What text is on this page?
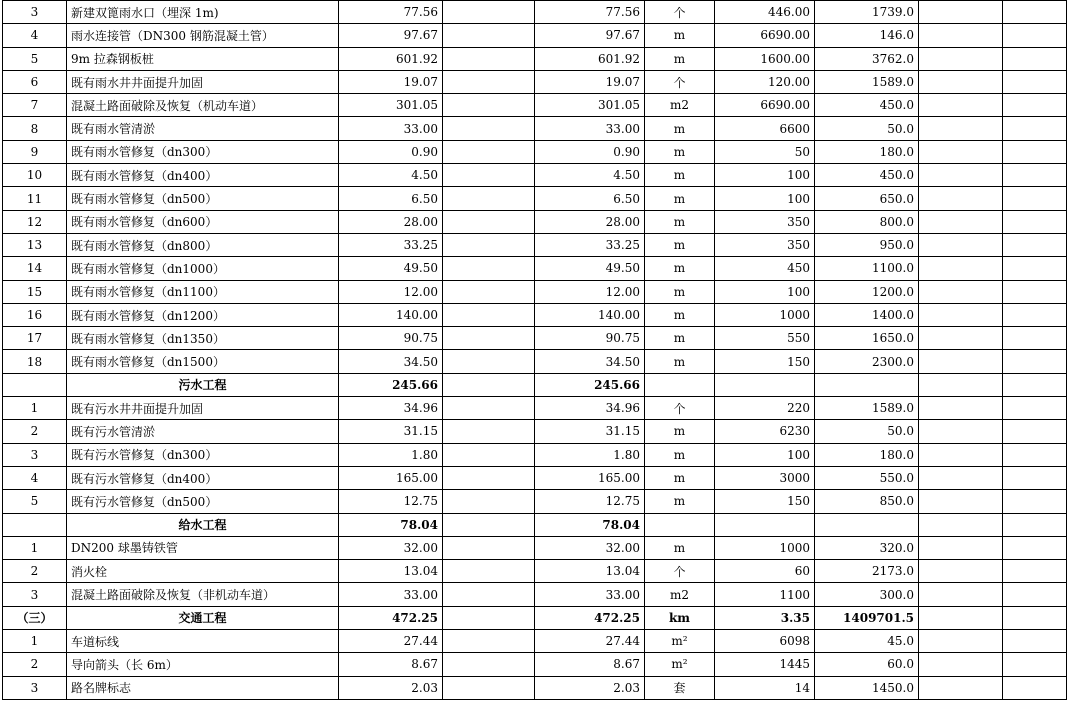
3	新建双篦雨水口（埋深 1m)	77.56		77.56	个	446.00	1739.0		
4	雨水连接管（DN300 钢筋混凝土管）	97.67		97.67	m	6690.00	146.0		
5	9m 拉森钢板桩	601.92		601.92	m	1600.00	3762.0		
6	既有雨水井井面提升加固	19.07		19.07	个	120.00	1589.0		
7	混凝土路面破除及恢复（机动车道）	301.05		301.05	m2	6690.00	450.0		
8	既有雨水管清淤	33.00		33.00	m	6600	50.0		
9	既有雨水管修复（dn300）	0.90		0.90	m	50	180.0		
10	既有雨水管修复（dn400）	4.50		4.50	m	100	450.0		
11	既有雨水管修复（dn500）	6.50		6.50	m	100	650.0		
12	既有雨水管修复（dn600）	28.00		28.00	m	350	800.0		
13	既有雨水管修复（dn800）	33.25		33.25	m	350	950.0		
14	既有雨水管修复（dn1000）	49.50		49.50	m	450	1100.0		
15	既有雨水管修复（dn1100）	12.00		12.00	m	100	1200.0		
16	既有雨水管修复（dn1200）	140.00		140.00	m	1000	1400.0		
17	既有雨水管修复（dn1350）	90.75		90.75	m	550	1650.0		
18	既有雨水管修复（dn1500）	34.50		34.50	m	150	2300.0		
	污水工程	245.66		245.66					
1	既有污水井井面提升加固	34.96		34.96	个	220	1589.0		
2	既有污水管清淤	31.15		31.15	m	6230	50.0		
3	既有污水管修复（dn300）	1.80		1.80	m	100	180.0		
4	既有污水管修复（dn400）	165.00		165.00	m	3000	550.0		
5	既有污水管修复（dn500）	12.75		12.75	m	150	850.0		
	给水工程	78.04		78.04					
1	DN200 球墨铸铁管	32.00		32.00	m	1000	320.0		
2	消火栓	13.04		13.04	个	60	2173.0		
3	混凝土路面破除及恢复（非机动车道）	33.00		33.00	m2	1100	300.0		
（三）	交通工程	472.25		472.25	km	3.35	1409701.5		
1	车道标线	27.44		27.44	m²	6098	45.0		
2	导向箭头（长 6m）	8.67		8.67	m²	1445	60.0		
3	路名牌标志	2.03		2.03	套	14	1450.0		
